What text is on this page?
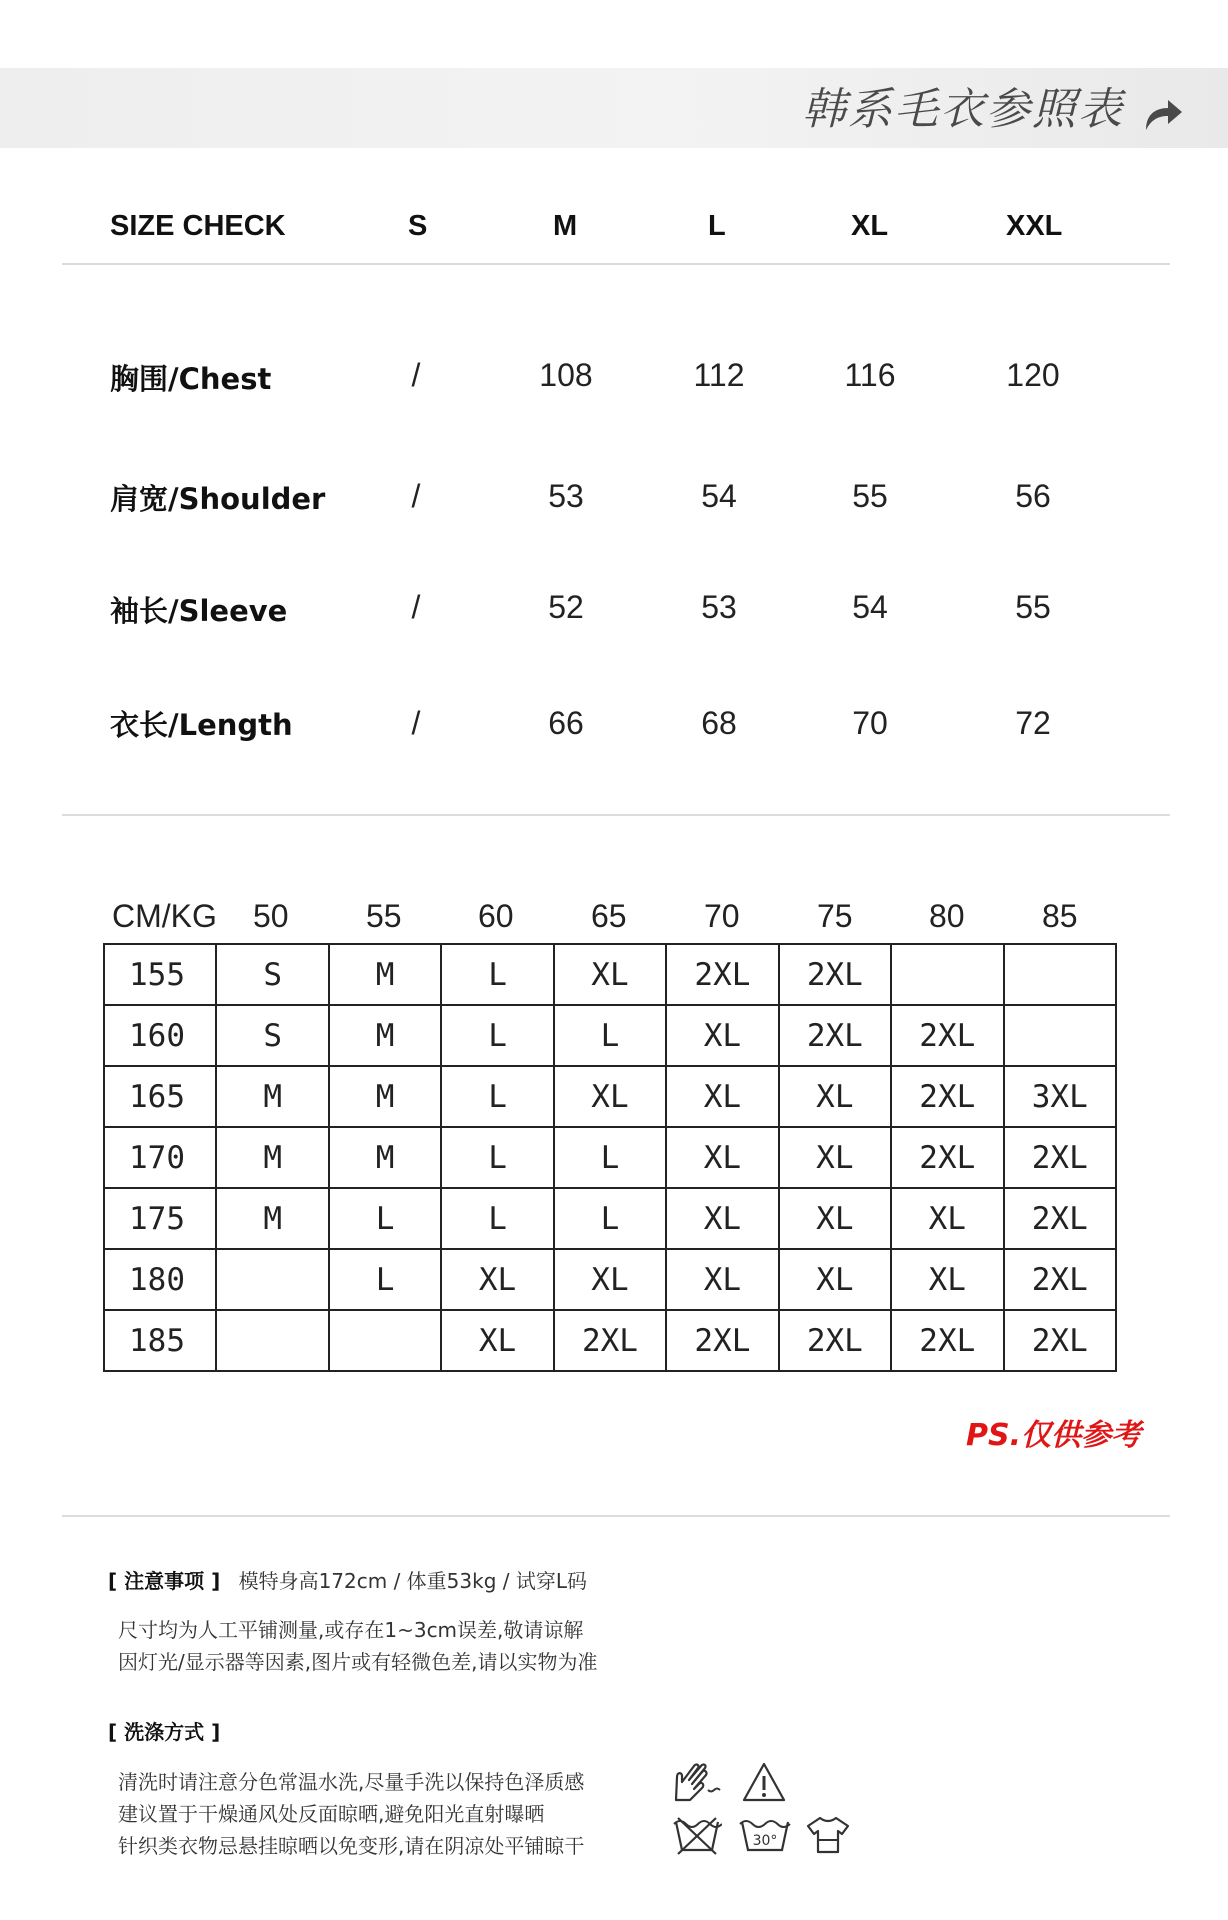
韩系毛衣参照表
SIZE CHECK	S	M	L	XL	XXL
胸围/Chest	/	108	112	116	120
肩宽/Shoulder	/	53	54	55	56
袖长/Sleeve	/	52	53	54	55
衣长/Length	/	66	68	70	72
CM/KG 50 55 60 65 70 75 80 85
155	S	M	L	XL	2XL	2XL		
160	S	M	L	L	XL	2XL	2XL	
165	M	M	L	XL	XL	XL	2XL	3XL
170	M	M	L	L	XL	XL	2XL	2XL
175	M	L	L	L	XL	XL	XL	2XL
180		L	XL	XL	XL	XL	XL	2XL
185			XL	2XL	2XL	2XL	2XL	2XL
PS.仅供参考
[ 注意事项 ] 模特身高172cm / 体重53kg / 试穿L码
尺寸均为人工平铺测量,或存在1~3cm误差,敬请谅解
因灯光/显示器等因素,图片或有轻微色差,请以实物为准
[ 洗涤方式 ]
清洗时请注意分色常温水洗,尽量手洗以保持色泽质感
建议置于干燥通风处反面晾晒,避免阳光直射曝晒
针织类衣物忌悬挂晾晒以免变形,请在阴凉处平铺晾干	30°
